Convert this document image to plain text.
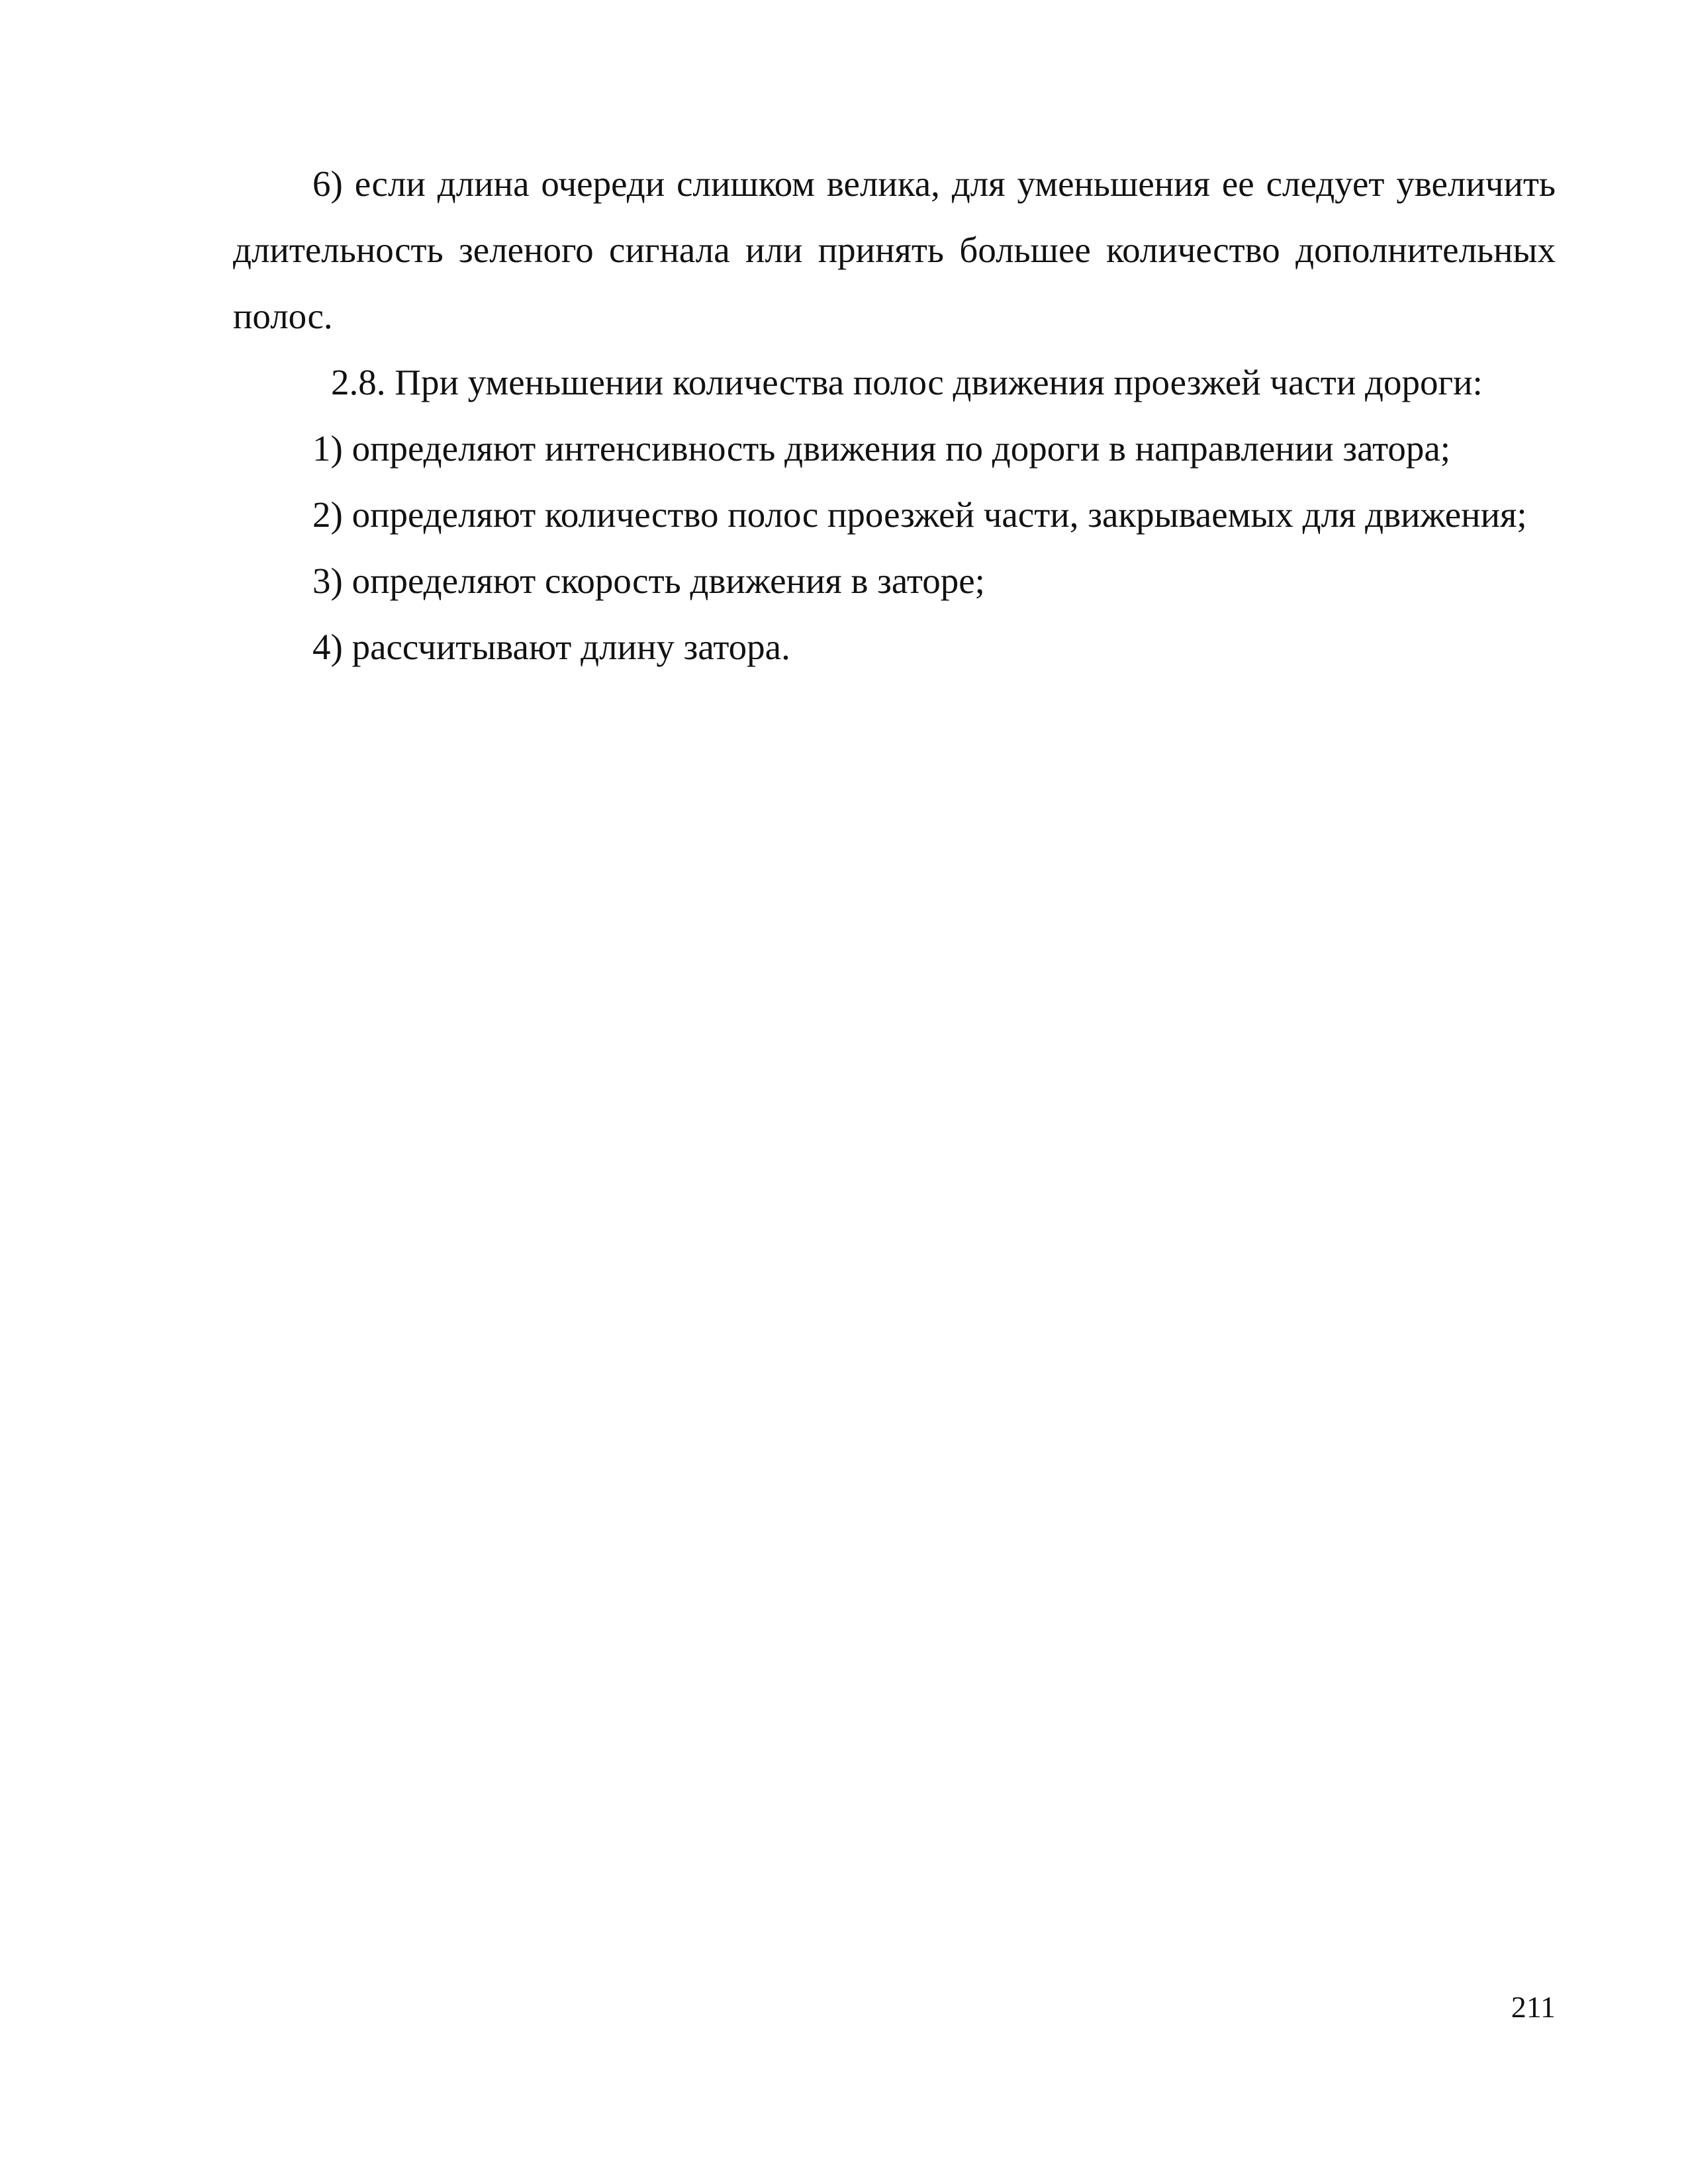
6) если длина очереди слишком велика, для уменьшения ее следует увеличить длительность зеленого сигнала или принять большее количество дополнительных полос.

2.8. При уменьшении количества полос движения проезжей части дороги:

1) определяют интенсивность движения по дороги в направлении затора;

2) определяют количество полос проезжей части, закрываемых для движения;

3) определяют скорость движения в заторе;

4) рассчитывают длину затора.

211
